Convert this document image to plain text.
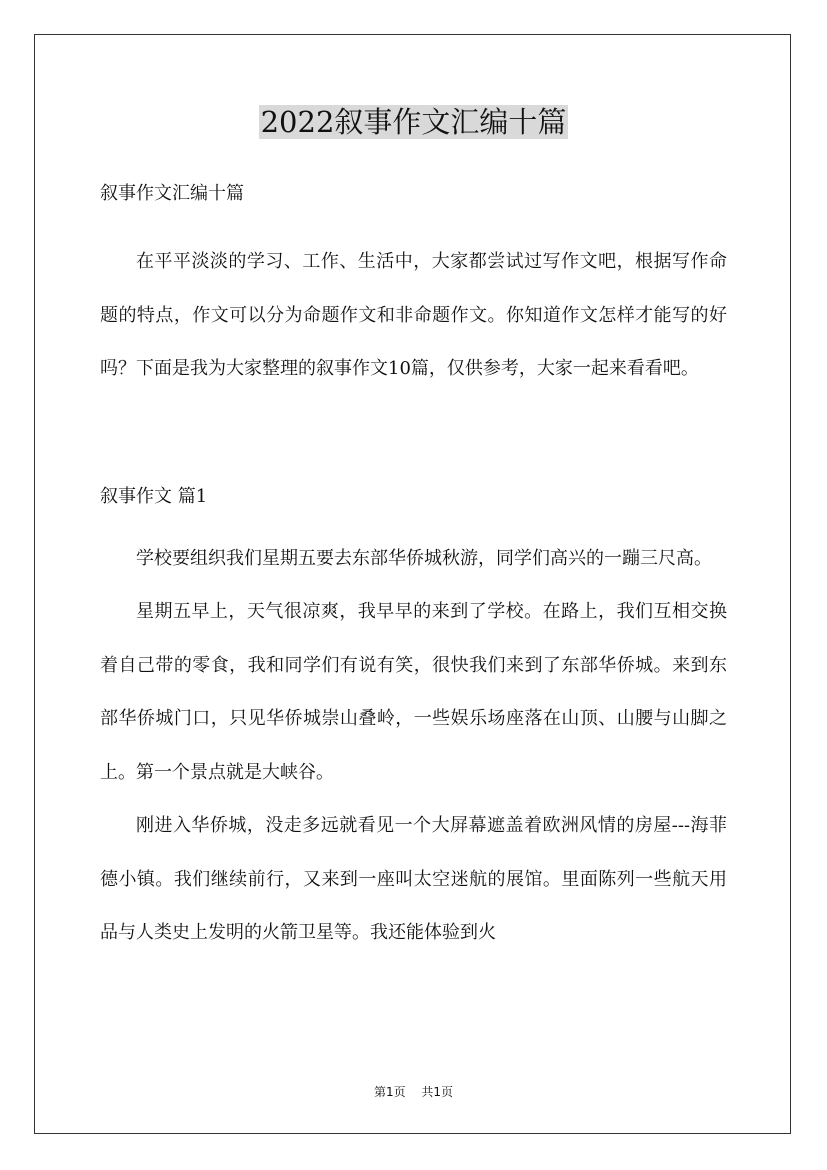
2022叙事作文汇编十篇

叙事作文汇编十篇

在平平淡淡的学习、工作、生活中，大家都尝试过写作文吧，根据写作命题的特点，作文可以分为命题作文和非命题作文。你知道作文怎样才能写的好吗？下面是我为大家整理的叙事作文10篇，仅供参考，大家一起来看看吧。

叙事作文 篇1

学校要组织我们星期五要去东部华侨城秋游，同学们高兴的一蹦三尺高。

星期五早上，天气很凉爽，我早早的来到了学校。在路上，我们互相交换着自己带的零食，我和同学们有说有笑，很快我们来到了东部华侨城。来到东部华侨城门口，只见华侨城崇山叠岭，一些娱乐场座落在山顶、山腰与山脚之上。第一个景点就是大峡谷。

刚进入华侨城，没走多远就看见一个大屏幕遮盖着欧洲风情的房屋---海菲德小镇。我们继续前行，又来到一座叫太空迷航的展馆。里面陈列一些航天用品与人类史上发明的火箭卫星等。我还能体验到火

第1页 共1页
